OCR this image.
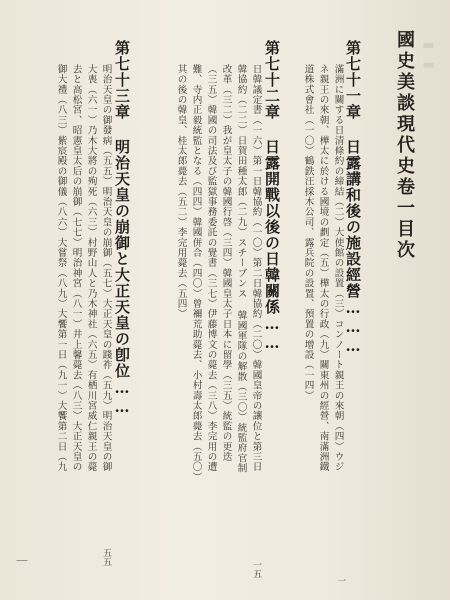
▬ ▬
國史美談現代史卷一目次
第七十一章 日露講和後の施設經營………
滿洲に關する日清條約の締結（二）大使館の設置（三）コンノート親王の來朝（四）ウジ
ネ親王の來朝、樺太に於ける國境の劃定（五）樺太の行政（九）關東州の經營、南滿洲鐵
道株式會社（一〇）鶴鉄汪採木公司、露兵院の設置、預置の增設（一四）
一
第七十二章 日露開戰以後の日韓關係……
日韓議定書（一六）第一日韓協約（一〇）第二日韓協約（二〇）韓國皇帝の讓位と第三日
韓協約（二二）日賀田種太郎（二九）スチーブンス 韓國軍隊の解散（三〇）統監府官制
改革（三二）我が皇太子の韓國行啓（三四）韓國皇太子日本に留學（三五）統監の更迭
（三五）韓國の司法及び監獄事務委託の覺書（三七）伊藤博文の薨去（三八）李完用の遭
難、寺内正毅統監となる（四四）韓國併合（四〇）曾禰荒助薨去、小村壽太郎薨去（五〇）
其の後の韓皇、桂太郎薨去（五二）李完用薨去（五四）
一五
第七十三章 明治天皇の崩御と大正天皇の卽位……
明治天皇の御發病（五五）明治天皇の崩御（五七）大正天皇の踐祚（五九）明治天皇の御
大喪（六一）乃木大將の殉死（六三）村野山人と乃木神社（六五）有栖川宮威仁親王の薨
去と高松宮、昭憲皇太后の崩御（七七）明治神宮（八一）井上馨薨去（八三）大正天皇の
御大禮（八三）紫宸殿の御儀（八六）大嘗祭（八九）大饗第一日（九一）大饗第二日（九
五五
｜
